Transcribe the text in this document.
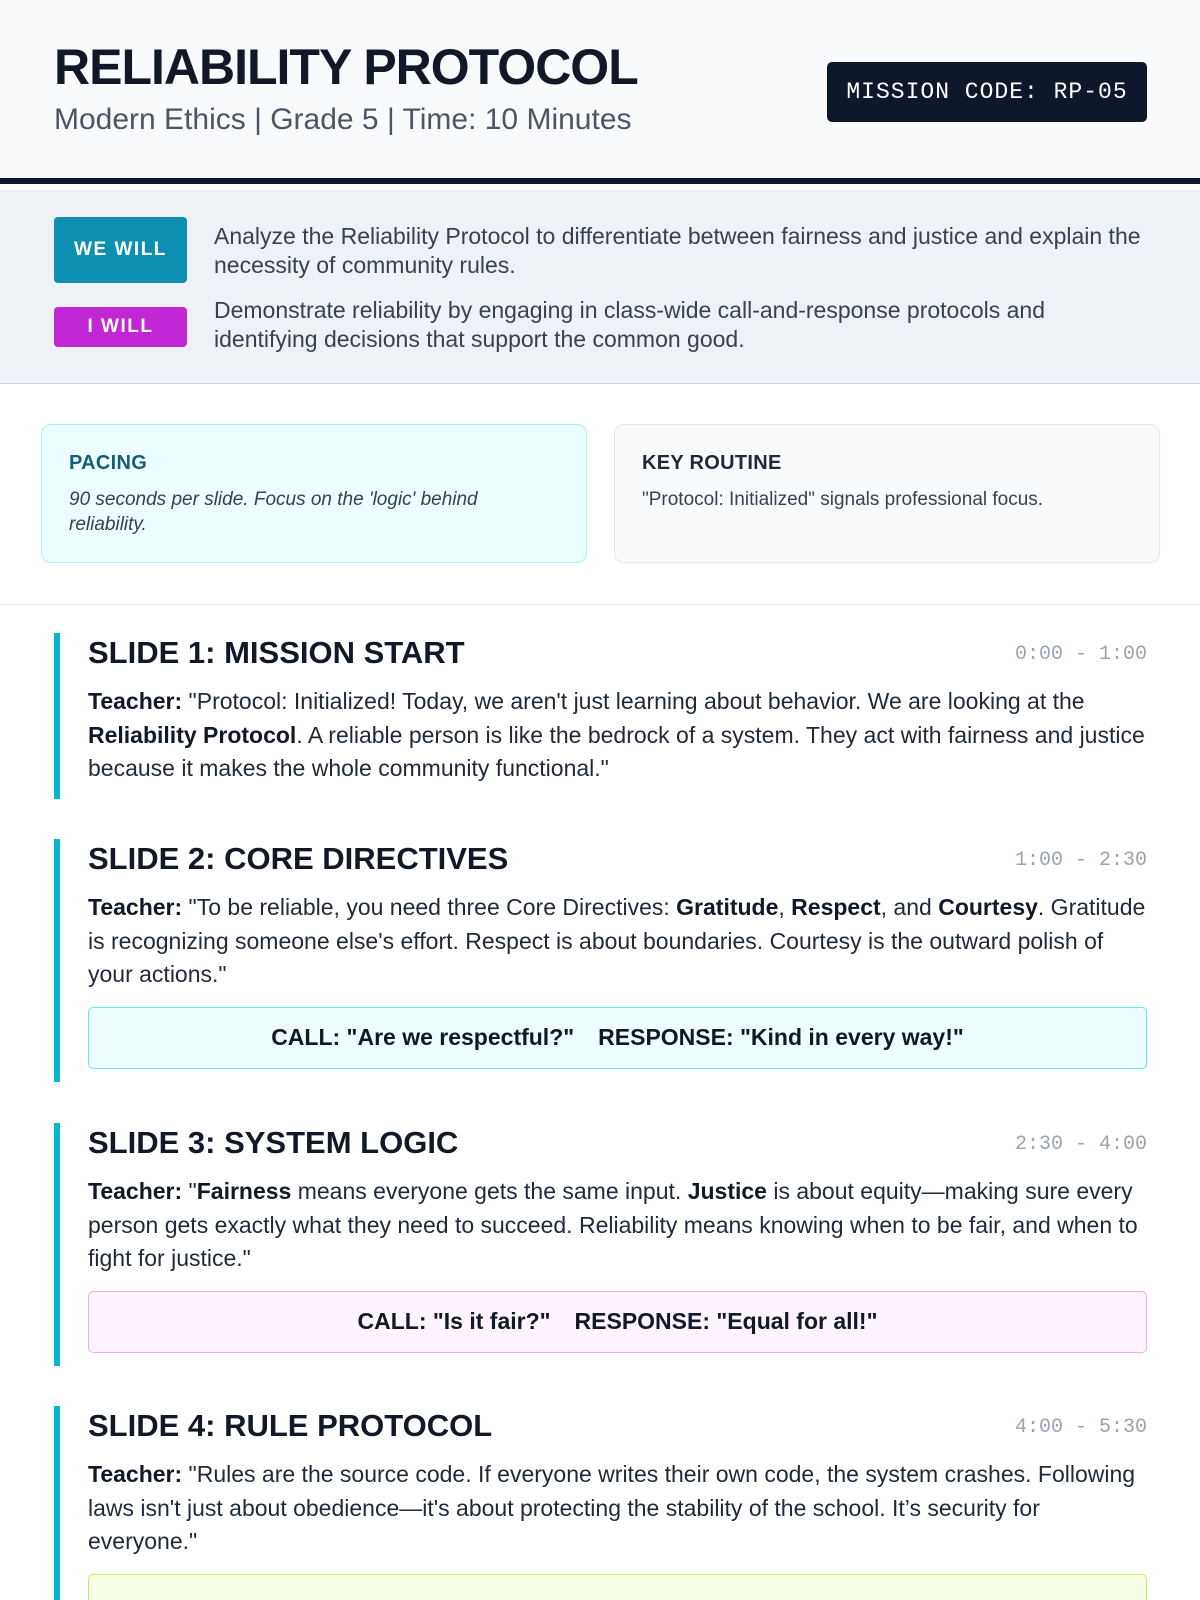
RELIABILITY PROTOCOL
Modern Ethics | Grade 5 | Time: 10 Minutes
MISSION CODE: RP-05
WE WILL
Analyze the Reliability Protocol to differentiate between fairness and justice and explain the necessity of community rules.
I WILL
Demonstrate reliability by engaging in class-wide call-and-response protocols and identifying decisions that support the common good.
PACING
90 seconds per slide. Focus on the 'logic' behind reliability.
KEY ROUTINE
"Protocol: Initialized" signals professional focus.
SLIDE 1: MISSION START	0:00 - 1:00
Teacher: "Protocol: Initialized! Today, we aren't just learning about behavior. We are looking at the Reliability Protocol. A reliable person is like the bedrock of a system. They act with fairness and justice because it makes the whole community functional."
SLIDE 2: CORE DIRECTIVES	1:00 - 2:30
Teacher: "To be reliable, you need three Core Directives: Gratitude, Respect, and Courtesy. Gratitude is recognizing someone else's effort. Respect is about boundaries. Courtesy is the outward polish of your actions."
CALL: "Are we respectful?" RESPONSE: "Kind in every way!"
SLIDE 3: SYSTEM LOGIC	2:30 - 4:00
Teacher: "Fairness means everyone gets the same input. Justice is about equity—making sure every person gets exactly what they need to succeed. Reliability means knowing when to be fair, and when to fight for justice."
CALL: "Is it fair?" RESPONSE: "Equal for all!"
SLIDE 4: RULE PROTOCOL	4:00 - 5:30
Teacher: "Rules are the source code. If everyone writes their own code, the system crashes. Following laws isn't just about obedience—it's about protecting the stability of the school. It’s security for everyone."
